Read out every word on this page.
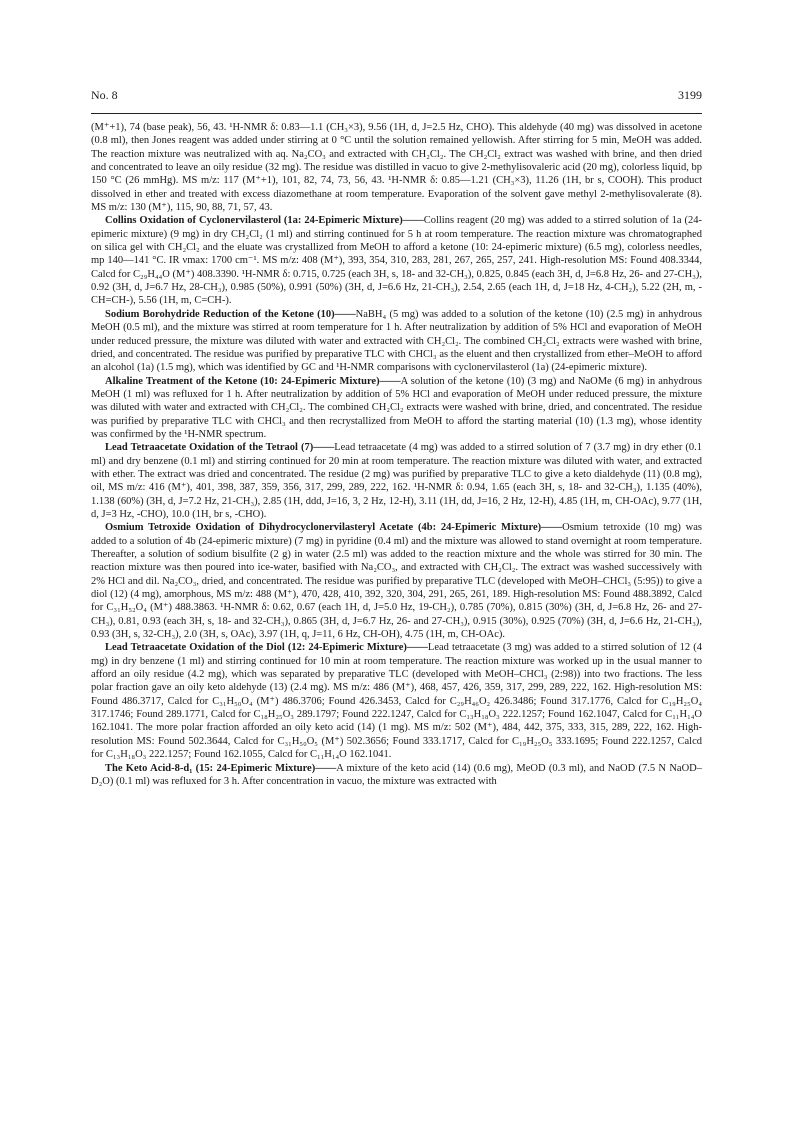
No. 8	3199

(M⁺+1), 74 (base peak), 56, 43. ¹H-NMR δ: 0.83—1.1 (CH₃×3), 9.56 (1H, d, J=2.5 Hz, CHO). This aldehyde (40 mg) was dissolved in acetone (0.8 ml), then Jones reagent was added under stirring at 0 °C until the solution remained yellowish. After stirring for 5 min, MeOH was added. The reaction mixture was neutralized with aq. Na₂CO₃ and extracted with CH₂Cl₂. The CH₂Cl₂ extract was washed with brine, and then dried and concentrated to leave an oily residue (32 mg). The residue was distilled in vacuo to give 2-methylisovaleric acid (20 mg), colorless liquid, bp 150 °C (26 mmHg). MS m/z: 117 (M⁺+1), 101, 82, 74, 73, 56, 43. ¹H-NMR δ: 0.85—1.21 (CH₃×3), 11.26 (1H, br s, COOH). This product dissolved in ether and treated with excess diazomethane at room temperature. Evaporation of the solvent gave methyl 2-methylisovalerate (8). MS m/z: 130 (M⁺), 115, 90, 88, 71, 57, 43.

Collins Oxidation of Cyclonervilasterol (1a: 24-Epimeric Mixture)——Collins reagent (20 mg) was added to a stirred solution of 1a (24-epimeric mixture) (9 mg) in dry CH₂Cl₂ (1 ml) and stirring continued for 5 h at room temperature. The reaction mixture was chromatographed on silica gel with CH₂Cl₂ and the eluate was crystallized from MeOH to afford a ketone (10: 24-epimeric mixture) (6.5 mg), colorless needles, mp 140—141 °C. IR νmax: 1700 cm⁻¹. MS m/z: 408 (M⁺), 393, 354, 310, 283, 281, 267, 265, 257, 241. High-resolution MS: Found 408.3344, Calcd for C₂₉H₄₄O (M⁺) 408.3390. ¹H-NMR δ: 0.715, 0.725 (each 3H, s, 18- and 32-CH₃), 0.825, 0.845 (each 3H, d, J=6.8 Hz, 26- and 27-CH₃), 0.92 (3H, d, J=6.7 Hz, 28-CH₃), 0.985 (50%), 0.991 (50%) (3H, d, J=6.6 Hz, 21-CH₃), 2.54, 2.65 (each 1H, d, J=18 Hz, 4-CH₂), 5.22 (2H, m, -CH=CH-), 5.56 (1H, m, C=CH-).

Sodium Borohydride Reduction of the Ketone (10)——NaBH₄ (5 mg) was added to a solution of the ketone (10) (2.5 mg) in anhydrous MeOH (0.5 ml), and the mixture was stirred at room temperature for 1 h. After neutralization by addition of 5% HCl and evaporation of MeOH under reduced pressure, the mixture was diluted with water and extracted with CH₂Cl₂. The combined CH₂Cl₂ extracts were washed with brine, dried, and concentrated. The residue was purified by preparative TLC with CHCl₃ as the eluent and then crystallized from ether–MeOH to afford an alcohol (1a) (1.5 mg), which was identified by GC and ¹H-NMR comparisons with cyclonervilasterol (1a) (24-epimeric mixture).

Alkaline Treatment of the Ketone (10: 24-Epimeric Mixture)——A solution of the ketone (10) (3 mg) and NaOMe (6 mg) in anhydrous MeOH (1 ml) was refluxed for 1 h. After neutralization by addition of 5% HCl and evaporation of MeOH under reduced pressure, the mixture was diluted with water and extracted with CH₂Cl₂. The combined CH₂Cl₂ extracts were washed with brine, dried, and concentrated. The residue was purified by preparative TLC with CHCl₃ and then recrystallized from MeOH to afford the starting material (10) (1.3 mg), whose identity was confirmed by the ¹H-NMR spectrum.

Lead Tetraacetate Oxidation of the Tetraol (7)——Lead tetraacetate (4 mg) was added to a stirred solution of 7 (3.7 mg) in dry ether (0.1 ml) and dry benzene (0.1 ml) and stirring continued for 20 min at room temperature. The reaction mixture was diluted with water, and extracted with ether. The extract was dried and concentrated. The residue (2 mg) was purified by preparative TLC to give a keto dialdehyde (11) (0.8 mg), oil, MS m/z: 416 (M⁺), 401, 398, 387, 359, 356, 317, 299, 289, 222, 162. ¹H-NMR δ: 0.94, 1.65 (each 3H, s, 18- and 32-CH₃), 1.135 (40%), 1.138 (60%) (3H, d, J=7.2 Hz, 21-CH₃), 2.85 (1H, ddd, J=16, 3, 2 Hz, 12-H), 3.11 (1H, dd, J=16, 2 Hz, 12-H), 4.85 (1H, m, CH-OAc), 9.77 (1H, d, J=3 Hz, -CHO), 10.0 (1H, br s, -CHO).

Osmium Tetroxide Oxidation of Dihydrocyclonervilasteryl Acetate (4b: 24-Epimeric Mixture)——Osmium tetroxide (10 mg) was added to a solution of 4b (24-epimeric mixture) (7 mg) in pyridine (0.4 ml) and the mixture was allowed to stand overnight at room temperature. Thereafter, a solution of sodium bisulfite (2 g) in water (2.5 ml) was added to the reaction mixture and the whole was stirred for 30 min. The reaction mixture was then poured into ice-water, basified with Na₂CO₃, and extracted with CH₂Cl₂. The extract was washed successively with 2% HCl and dil. Na₂CO₃, dried, and concentrated. The residue was purified by preparative TLC (developed with MeOH–CHCl₃ (5:95)) to give a diol (12) (4 mg), amorphous, MS m/z: 488 (M⁺), 470, 428, 410, 392, 320, 304, 291, 265, 261, 189. High-resolution MS: Found 488.3892, Calcd for C₃₁H₅₂O₄ (M⁺) 488.3863. ¹H-NMR δ: 0.62, 0.67 (each 1H, d, J=5.0 Hz, 19-CH₂), 0.785 (70%), 0.815 (30%) (3H, d, J=6.8 Hz, 26- and 27-CH₃), 0.81, 0.93 (each 3H, s, 18- and 32-CH₃), 0.865 (3H, d, J=6.7 Hz, 26- and 27-CH₃), 0.915 (30%), 0.925 (70%) (3H, d, J=6.6 Hz, 21-CH₃), 0.93 (3H, s, 32-CH₃), 2.0 (3H, s, OAc), 3.97 (1H, q, J=11, 6 Hz, CH-OH), 4.75 (1H, m, CH-OAc).

Lead Tetraacetate Oxidation of the Diol (12: 24-Epimeric Mixture)——Lead tetraacetate (3 mg) was added to a stirred solution of 12 (4 mg) in dry benzene (1 ml) and stirring continued for 10 min at room temperature. The reaction mixture was worked up in the usual manner to afford an oily residue (4.2 mg), which was separated by preparative TLC (developed with MeOH–CHCl₃ (2:98)) into two fractions. The less polar fraction gave an oily keto aldehyde (13) (2.4 mg). MS m/z: 486 (M⁺), 468, 457, 426, 359, 317, 299, 289, 222, 162. High-resolution MS: Found 486.3717, Calcd for C₃₁H₅₀O₄ (M⁺) 486.3706; Found 426.3453, Calcd for C₂₉H₄₆O₂ 426.3486; Found 317.1776, Calcd for C₁₉H₂₅O₄ 317.1746; Found 289.1771, Calcd for C₁₈H₂₅O₃ 289.1797; Found 222.1247, Calcd for C₁₃H₁₈O₃ 222.1257; Found 162.1047, Calcd for C₁₁H₁₄O 162.1041. The more polar fraction afforded an oily keto acid (14) (1 mg). MS m/z: 502 (M⁺), 484, 442, 375, 333, 315, 289, 222, 162. High-resolution MS: Found 502.3644, Calcd for C₃₁H₅₀O₅ (M⁺) 502.3656; Found 333.1717, Calcd for C₁₉H₂₅O₅ 333.1695; Found 222.1257, Calcd for C₁₃H₁₈O₃ 222.1257; Found 162.1055, Calcd for C₁₁H₁₄O 162.1041.

The Keto Acid-8-d₁ (15: 24-Epimeric Mixture)——A mixture of the keto acid (14) (0.6 mg), MeOD (0.3 ml), and NaOD (7.5 N NaOD–D₂O) (0.1 ml) was refluxed for 3 h. After concentration in vacuo, the mixture was extracted with
